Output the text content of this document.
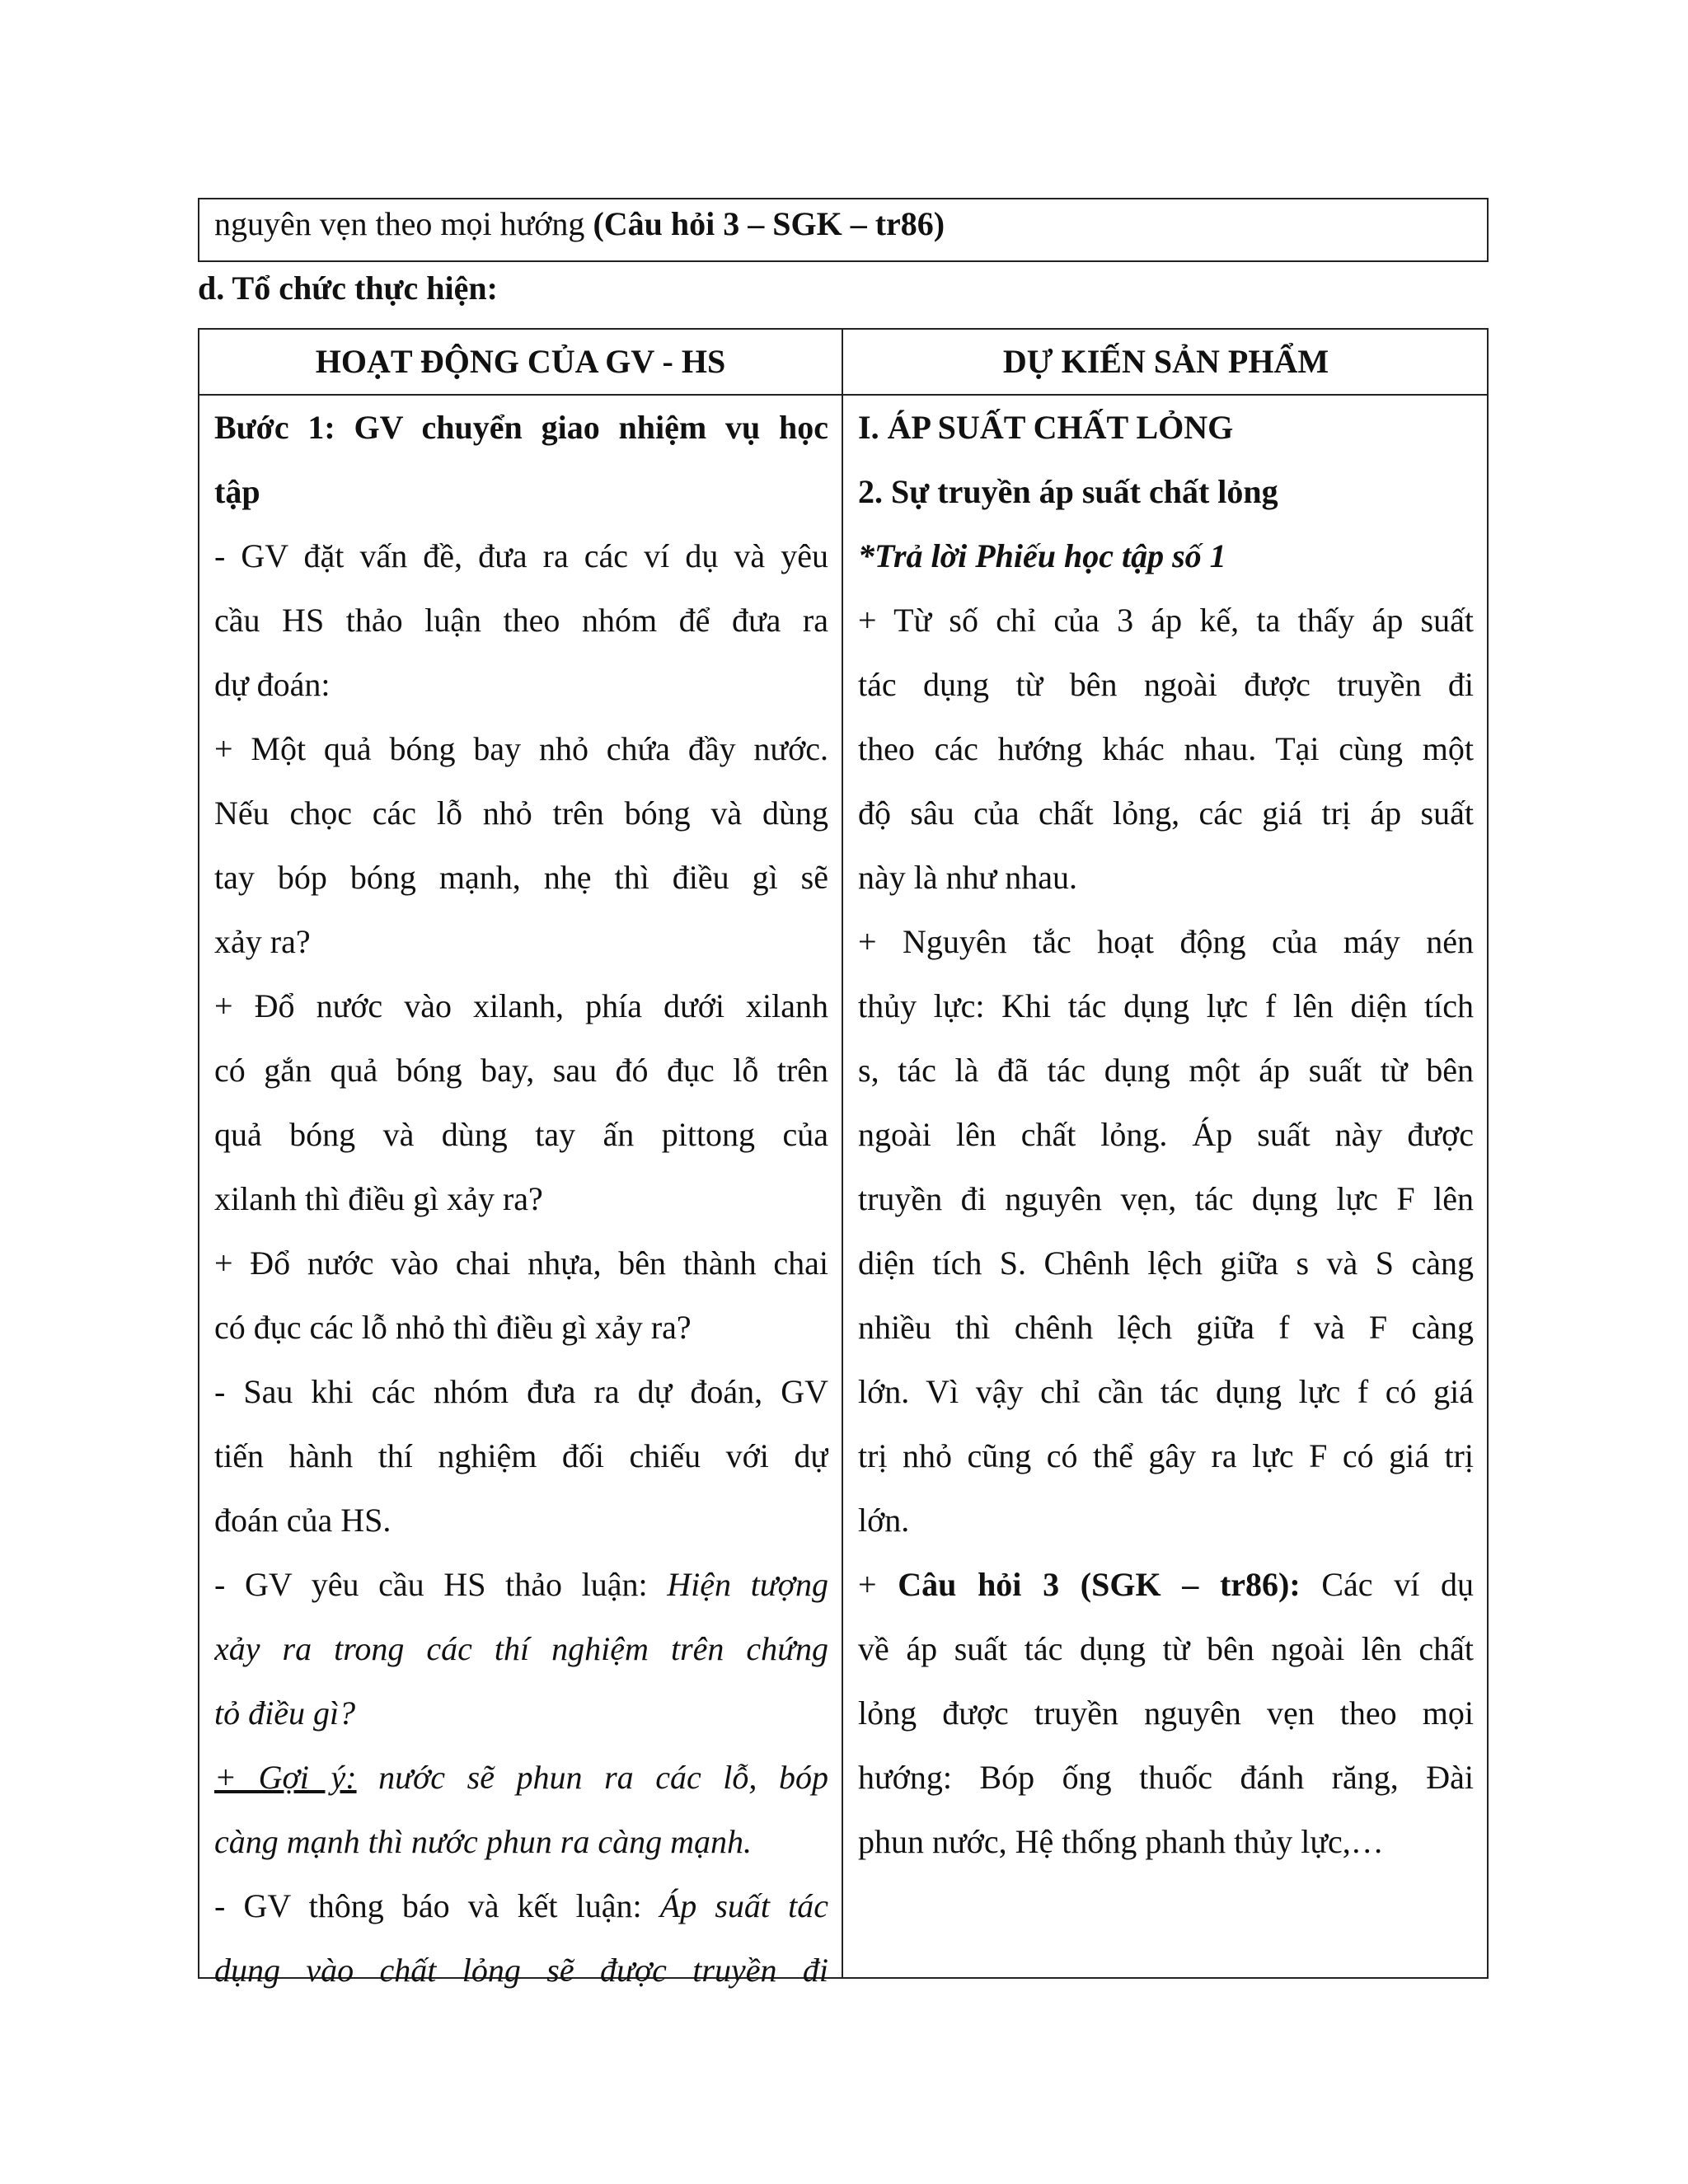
nguyên vẹn theo mọi hướng (Câu hỏi 3 – SGK – tr86)
d. Tổ chức thực hiện:
HOẠT ĐỘNG CỦA GV - HS	DỰ KIẾN SẢN PHẨM
Bước 1: GV chuyển giao nhiệm vụ học
tập
- GV đặt vấn đề, đưa ra các ví dụ và yêu
cầu HS thảo luận theo nhóm để đưa ra
dự đoán:
+ Một quả bóng bay nhỏ chứa đầy nước.
Nếu chọc các lỗ nhỏ trên bóng và dùng
tay bóp bóng mạnh, nhẹ thì điều gì sẽ
xảy ra?
+ Đổ nước vào xilanh, phía dưới xilanh
có gắn quả bóng bay, sau đó đục lỗ trên
quả bóng và dùng tay ấn pittong của
xilanh thì điều gì xảy ra?
+ Đổ nước vào chai nhựa, bên thành chai
có đục các lỗ nhỏ thì điều gì xảy ra?
- Sau khi các nhóm đưa ra dự đoán, GV
tiến hành thí nghiệm đối chiếu với dự
đoán của HS.
- GV yêu cầu HS thảo luận: Hiện tượng
xảy ra trong các thí nghiệm trên chứng
tỏ điều gì?
+ Gợi ý: nước sẽ phun ra các lỗ, bóp
càng mạnh thì nước phun ra càng mạnh.
- GV thông báo và kết luận: Áp suất tác
dụng vào chất lỏng sẽ được truyền đi
I. ÁP SUẤT CHẤT LỎNG
2. Sự truyền áp suất chất lỏng
*Trả lời Phiếu học tập số 1
+ Từ số chỉ của 3 áp kế, ta thấy áp suất
tác dụng từ bên ngoài được truyền đi
theo các hướng khác nhau. Tại cùng một
độ sâu của chất lỏng, các giá trị áp suất
này là như nhau.
+ Nguyên tắc hoạt động của máy nén
thủy lực: Khi tác dụng lực f lên diện tích
s, tác là đã tác dụng một áp suất từ bên
ngoài lên chất lỏng. Áp suất này được
truyền đi nguyên vẹn, tác dụng lực F lên
diện tích S. Chênh lệch giữa s và S càng
nhiều thì chênh lệch giữa f và F càng
lớn. Vì vậy chỉ cần tác dụng lực f có giá
trị nhỏ cũng có thể gây ra lực F có giá trị
lớn.
+ Câu hỏi 3 (SGK – tr86): Các ví dụ
về áp suất tác dụng từ bên ngoài lên chất
lỏng được truyền nguyên vẹn theo mọi
hướng: Bóp ống thuốc đánh răng, Đài
phun nước, Hệ thống phanh thủy lực,…
